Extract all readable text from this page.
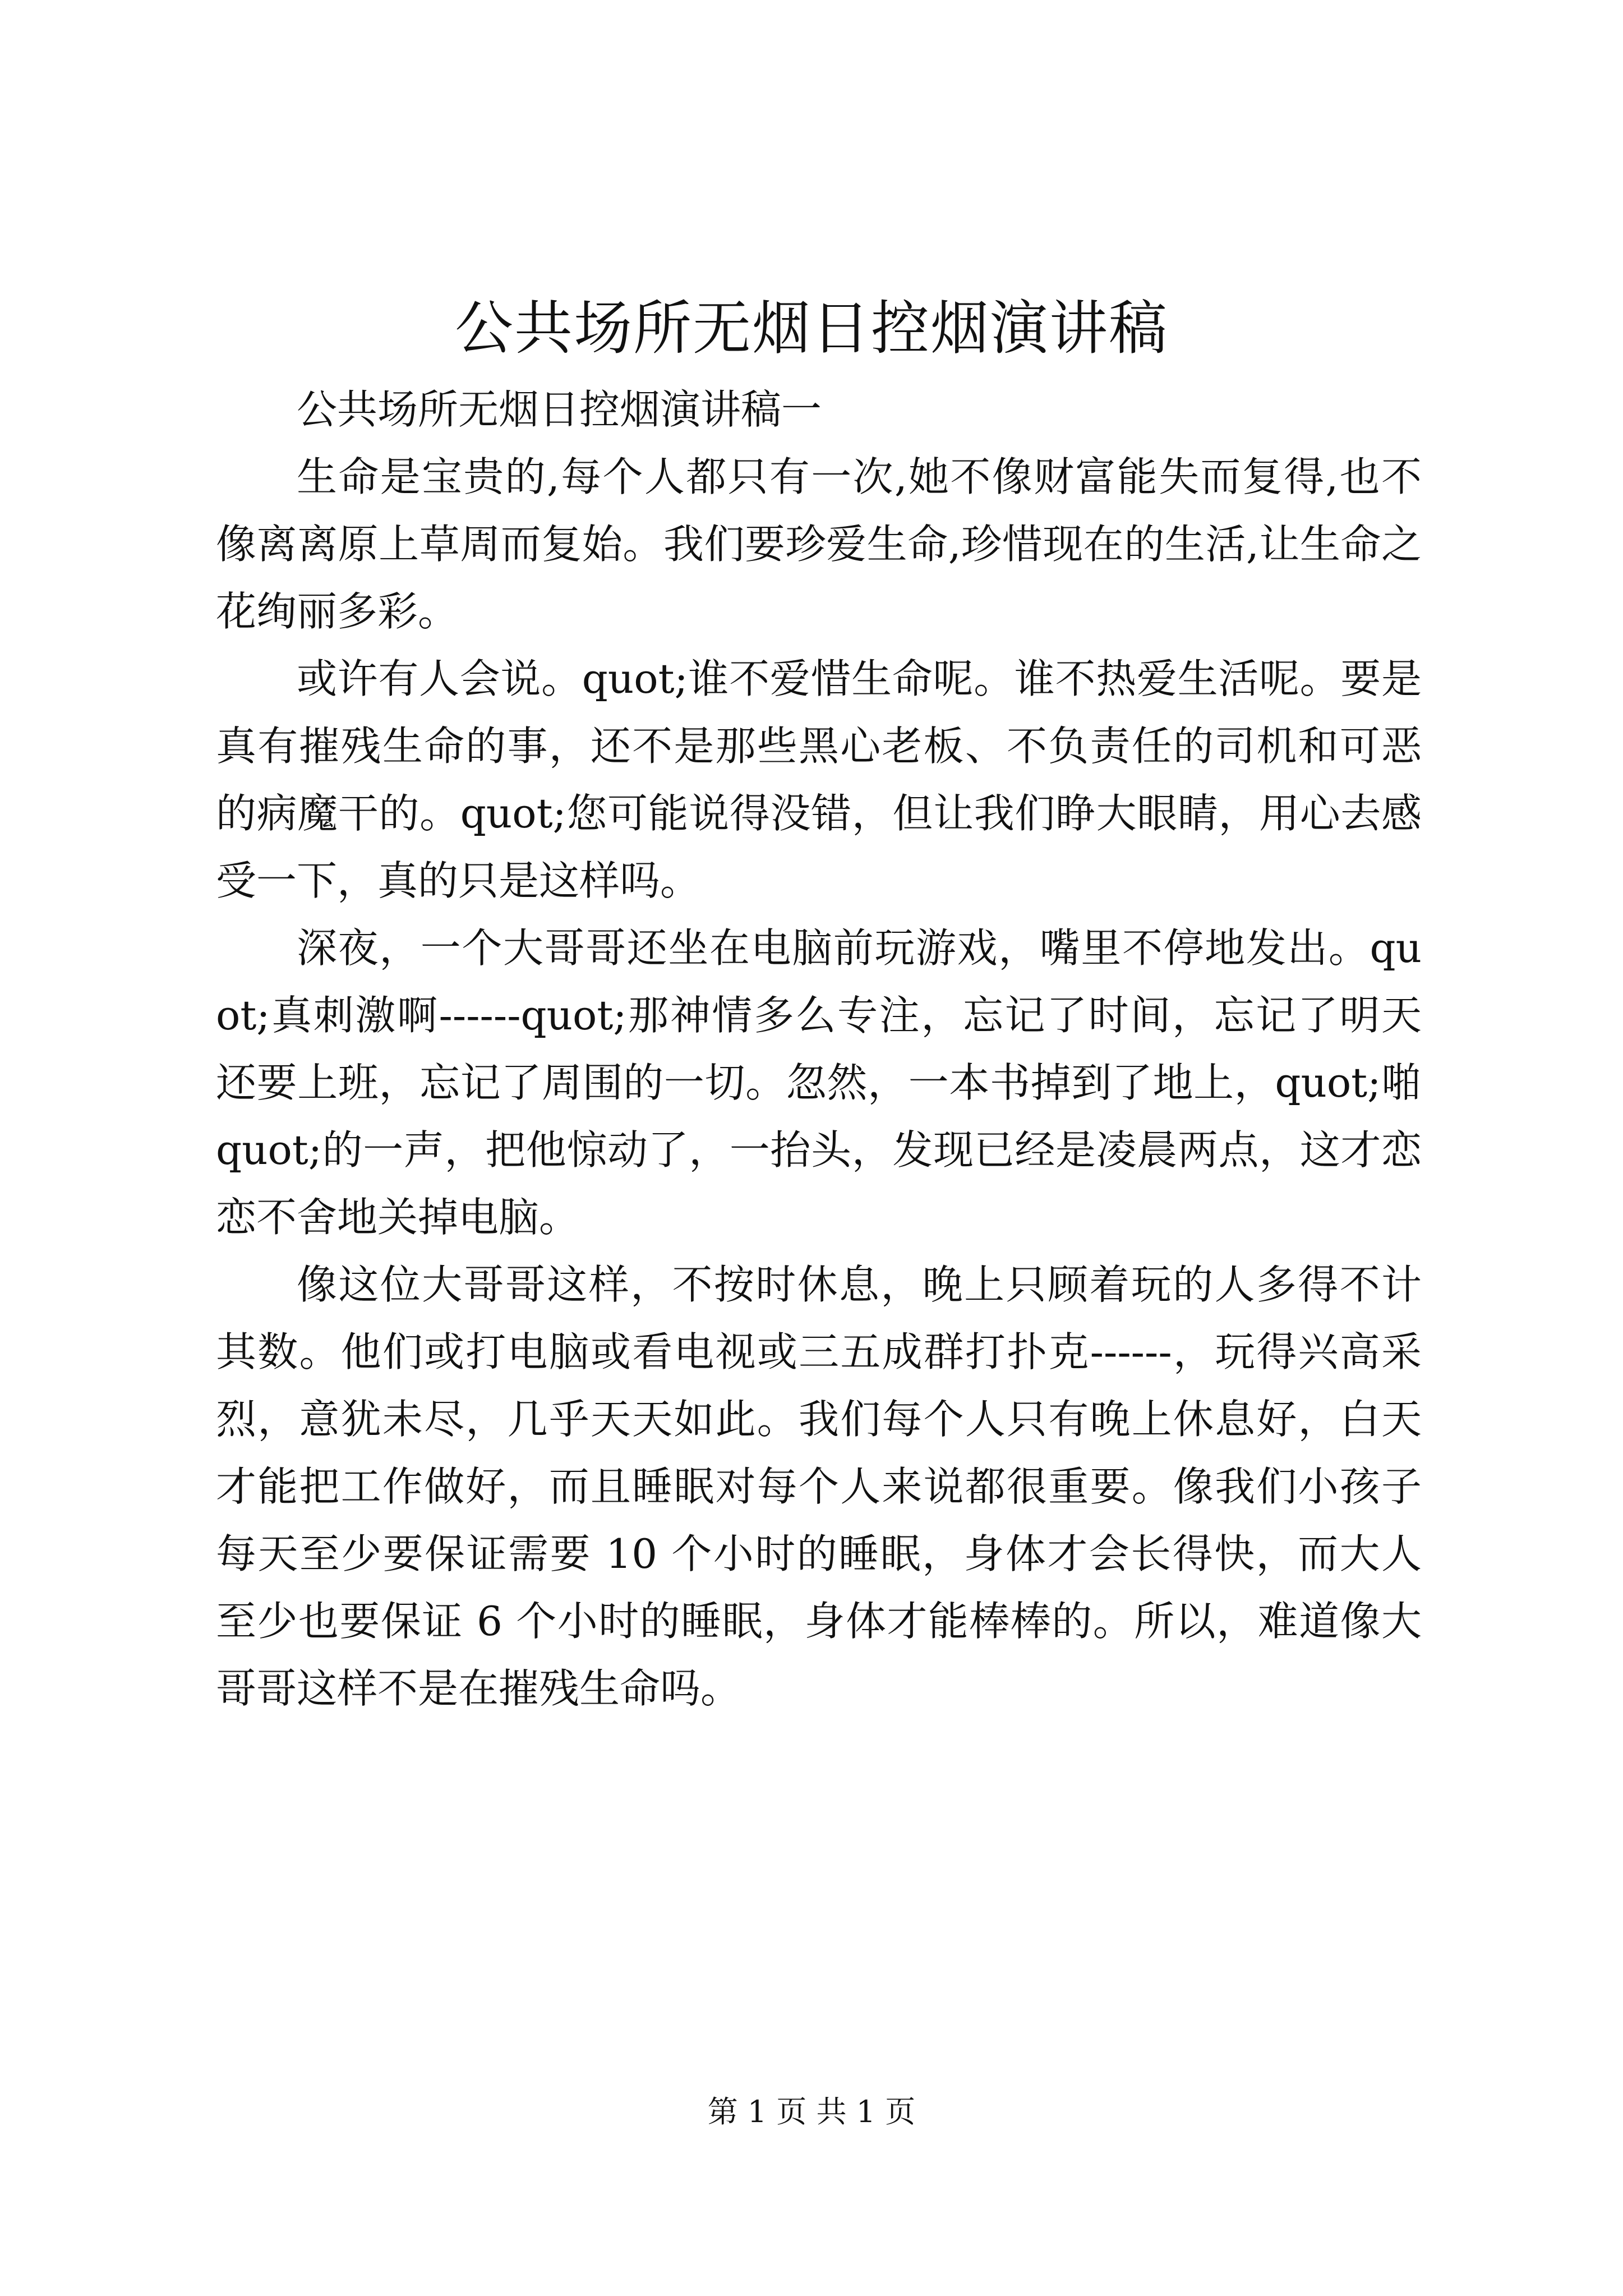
公共场所无烟日控烟演讲稿

公共场所无烟日控烟演讲稿一

生命是宝贵的,每个人都只有一次,她不像财富能失而复得,也不像离离原上草周而复始。我们要珍爱生命,珍惜现在的生活,让生命之花绚丽多彩。

或许有人会说。quot;谁不爱惜生命呢。谁不热爱生活呢。要是真有摧残生命的事，还不是那些黑心老板、不负责任的司机和可恶的病魔干的。quot;您可能说得没错，但让我们睁大眼睛，用心去感受一下，真的只是这样吗。

深夜，一个大哥哥还坐在电脑前玩游戏，嘴里不停地发出。quot;真刺激啊------quot;那神情多么专注，忘记了时间，忘记了明天还要上班，忘记了周围的一切。忽然，一本书掉到了地上，quot;啪 quot;的一声，把他惊动了，一抬头，发现已经是凌晨两点，这才恋恋不舍地关掉电脑。

像这位大哥哥这样，不按时休息，晚上只顾着玩的人多得不计其数。他们或打电脑或看电视或三五成群打扑克------，玩得兴高采烈，意犹未尽，几乎天天如此。我们每个人只有晚上休息好，白天才能把工作做好，而且睡眠对每个人来说都很重要。像我们小孩子每天至少要保证需要 10 个小时的睡眠，身体才会长得快，而大人至少也要保证 6 个小时的睡眠，身体才能棒棒的。所以，难道像大哥哥这样不是在摧残生命吗。

第 1 页 共 1 页
